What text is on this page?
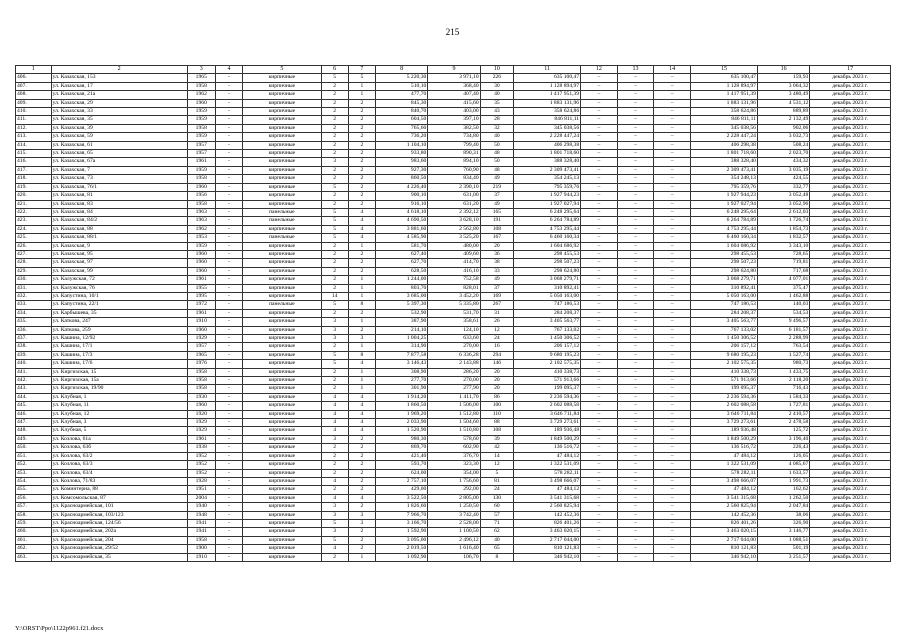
215
1	2	3	4	5	6	7	8	9	10	11	12	13	14	15	16	17
406.	ул. Казахская, 153	1965	-	кирпичные	5	5	5 220,30	3 971,10	226	635 100,47	–	–	–	635 100,47	159,93	декабрь 2023 г.
407.	ул. Казахская, 17	1958	-	кирпичные	2	1	510,10	368,40	30	1 128 894,97	–	–	–	1 128 894,97	3 064,32	декабрь 2023 г.
408.	ул. Казахская, 21а	1962	-	кирпичные	2	1	477,70	407,40	40	1 417 951,39	–	–	–	1 417 951,39	3 480,49	декабрь 2023 г.
409.	ул. Казахская, 29	1960	-	кирпичные	2	2	845,30	415,60	35	1 883 131,96	–	–	–	1 883 131,96	4 531,12	декабрь 2023 г.
410.	ул. Казахская, 33	1959	-	кирпичные	2	2	840,70	403,00	43	358 624,86	–	–	–	358 624,86	889,89	декабрь 2023 г.
411.	ул. Казахская, 35	1959	-	кирпичные	2	2	604,50	397,10	28	846 811,11	–	–	–	846 811,11	2 132,49	декабрь 2023 г.
412.	ул. Казахская, 39	1958	-	кирпичные	2	2	765,60	382,50	32	345 038,56	–	–	–	345 038,56	902,06	декабрь 2023 г.
413.	ул. Казахская, 59	1959	-	кирпичные	2	2	736,20	734,80	40	2 228 447,24	–	–	–	2 228 447,24	3 032,73	декабрь 2023 г.
414.	ул. Казахская, 61	1957	-	кирпичные	2	2	1 104,10	799,40	50	406 298,38	–	–	–	406 298,38	508,24	декабрь 2023 г.
415.	ул. Казахская, 65	1957	-	кирпичные	2	2	933,80	890,31	48	1 801 718,60	–	–	–	1 801 718,60	2 023,70	декабрь 2023 г.
416.	ул. Казахская, 67а	1961	-	кирпичные	3	2	983,60	894,10	50	388 328,40	–	–	–	388 328,40	434,32	декабрь 2023 г.
417.	ул. Казахская, 7	1959	-	кирпичные	2	2	927,30	760,90	48	2 309 473,41	–	–	–	2 309 473,41	3 035,19	декабрь 2023 г.
418.	ул. Казахская, 73	1958	-	кирпичные	2	2	860,50	834,40	49	354 245,13	–	–	–	354 248,13	424,55	декабрь 2023 г.
419.	ул. Казахская, 76/1	1960	-	кирпичные	5	2	4 226,40	2 390,10	219	795 359,76	–	–	–	795 359,76	332,77	декабрь 2023 г.
420.	ул. Казахская, 81	1956	-	кирпичные	2	2	900,10	631,00	37	1 927 944,23	–	–	–	1 927 944,23	3 052,48	декабрь 2023 г.
421.	ул. Казахская, 83	1958	-	кирпичные	2	2	916,10	631,20	49	1 927 027,94	–	–	–	1 927 027,94	3 052,96	декабрь 2023 г.
422.	ул. Казахская, 84	1963	-	панельные	5	4	4 618,10	2 392,12	165	6 248 295,64	–	–	–	6 248 295,64	2 612,03	декабрь 2023 г.
423.	ул. Казахская, 84/2	1963	-	панельные	5	4	4 690,50	3 628,10	191	6 264 784,89	–	–	–	6 264 784,89	1 726,74	декабрь 2023 г.
424.	ул. Казахская, 88	1962	-	кирпичные	5	4	3 881,60	2 562,80	108	4 753 295,44	–	–	–	4 753 295,44	1 854,73	декабрь 2023 г.
425.	ул. Казахская, 88/1	1953	-	панельные	5	4	4 585,90	3 525,20	167	6 460 160,34	–	–	–	6 460 160,34	1 832,57	декабрь 2023 г.
426.	ул. Казахская, 9	1959	-	кирпичные	2	1	581,70	480,00	20	1 604 686,92	–	–	–	1 604 686,92	3 343,10	декабрь 2023 г.
427.	ул. Казахская, 95	1960	-	кирпичные	2	2	627,40	409,60	36	298 455,53	–	–	–	298 455,53	728,65	декабрь 2023 г.
428.	ул. Казахская, 97	1960	-	кирпичные	2	2	627,70	414,70	38	298 507,23	–	–	–	298 507,23	719,81	декабрь 2023 г.
429.	ул. Казахская, 99	1960	-	кирпичные	2	2	628,50	416,10	33	298 624,80	–	–	–	298 624,80	717,68	декабрь 2023 г.
430.	ул. Калужская, 72	1961	-	кирпичные	2	1	1 244,00	752,58	49	3 068 279,71	–	–	–	3 068 279,71	4 077,01	декабрь 2023 г.
431.	ул. Калужская, 76	1955	-	кирпичные	2	1	803,70	828,01	37	310 892,41	–	–	–	310 892,41	375,47	декабрь 2023 г.
432.	ул. Капустина, 10/1	1995	-	кирпичные	14	1	3 685,00	3 452,20	169	5 050 163,00	–	–	–	5 050 163,00	1 462,88	декабрь 2023 г.
433.	ул. Капустина, 22/1	1972	-	панельные	5	8	5 397,30	5 335,80	267	747 186,53	–	–	–	747 186,53	140,03	декабрь 2023 г.
434.	ул. Карбышева, 35	1961	-	кирпичные	2	2	532,90	531,70	31	284 208,37	–	–	–	284 208,37	534,53	декабрь 2023 г.
435.	ул. Каткова, 247	1910	-	кирпичные	3	1	387,90	358,61	26	3 405 563,77	–	–	–	3 405 563,77	9 496,57	декабрь 2023 г.
436.	ул. Каткова, 259	1960	-	кирпичные	3	2	214,10	124,10	12	767 133,02	–	–	–	767 133,02	6 181,57	декабрь 2023 г.
437.	ул. Кашина, 12/92	1929	-	кирпичные	3	3	1 004,25	633,60	24	1 450 306,52	–	–	–	1 450 306,52	2 288,99	декабрь 2023 г.
438.	ул. Кашина, 17/1	1957	-	кирпичные	2	1	314,90	270,00	16	206 157,12	–	–	–	206 157,12	763,54	декабрь 2023 г.
439.	ул. Кашина, 17/3	1965	-	кирпичные	5	8	7 877,58	6 336,28	294	9 680 195,23	–	–	–	9 680 195,23	1 527,74	декабрь 2023 г.
440.	ул. Кашина, 17/6	1976	-	кирпичные	5	4	3 146,43	2 143,88	146	2 102 575,35	–	–	–	2 102 575,35	980,73	декабрь 2023 г.
441.	ул. Киргизская, 15	1958	-	кирпичные	2	1	308,90	286,20	20	410 338,73	–	–	–	410 338,73	1 433,75	декабрь 2023 г.
442.	ул. Киргизская, 15а	1958	-	кирпичные	2	1	277,70	270,00	20	571 913,66	–	–	–	571 913,66	2 118,20	декабрь 2023 г.
443.	ул. Киргизская, 19/90	1958	-	кирпичные	2	1	301,90	277,90	20	199 095,37	–	–	–	199 095,37	716,43	декабрь 2023 г.
444.	ул. Клубная, 1	1930	-	кирпичные	4	4	1 914,20	1 411,70	86	2 236 594,36	–	–	–	2 236 594,36	1 584,33	декабрь 2023 г.
445.	ул. Клубная, 11	1960	-	кирпичные	4	4	1 860,50	1 506,00	100	2 602 088,58	–	–	–	2 602 088,58	1 727,81	декабрь 2023 г.
446.	ул. Клубная, 12	1920	-	кирпичные	4	4	1 969,20	1 512,80	110	3 646 711,84	–	–	–	3 646 711,84	2 410,57	декабрь 2023 г.
447.	ул. Клубная, 3	1929	-	кирпичные	4	4	2 033,90	1 504,60	88	3 729 273,61	–	–	–	3 729 273,61	2 478,58	декабрь 2023 г.
448.	ул. Клубная, 5	1929	-	кирпичные	4	4	1 520,90	1 510,80	108	189 936,48	–	–	–	189 936,48	125,72	декабрь 2023 г.
449.	ул. Козлова, 61а	1961	-	кирпичные	3	2	980,30	578,60	39	1 849 500,29	–	–	–	1 849 500,29	3 196,40	декабрь 2023 г.
450.	ул. Козлова, 63б	1938	-	кирпичные	2	2	869,70	602,90	42	136 516,72	–	–	–	136 516,72	226,43	декабрь 2023 г.
451.	ул. Козлова, 63/2	1952	-	кирпичные	2	2	421,40	376,70	14	47 484,12	–	–	–	47 484,12	126,05	декабрь 2023 г.
452.	ул. Козлова, 63/3	1952	-	кирпичные	2	2	593,70	323,30	12	1 322 531,09	–	–	–	1 322 531,09	4 085,67	декабрь 2023 г.
453.	ул. Козлова, 63/4	1952	-	кирпичные	2	2	624,00	354,00	5	578 282,11	–	–	–	578 282,11	1 633,57	декабрь 2023 г.
454.	ул. Козлова, 71/83	1928	-	кирпичные	4	2	2 757,10	1 756,60	81	3 498 666,07	–	–	–	3 498 666,07	1 991,73	декабрь 2023 г.
455.	ул. Коминтерна, 88	1951	-	кирпичные	2	2	429,00	292,00	24	47 484,12	–	–	–	47 484,12	162,62	декабрь 2023 г.
456.	ул. Комсомольская, 87	2004	-	кирпичные	4	4	3 522,50	2 805,00	130	3 541 315,68	–	–	–	3 541 315,68	1 262,50	декабрь 2023 г.
457.	ул. Красноармейская, 101	1940	-	кирпичные	3	2	1 826,60	1 250,50	60	2 560 825,94	–	–	–	2 560 825,94	2 047,84	декабрь 2023 г.
458.	ул. Красноармейская, 103/123	1948	-	кирпичные	3	3	7 966,70	3 742,40	57	142 452,36	–	–	–	142 452,36	38,06	декабрь 2023 г.
459.	ул. Красноармейская, 124/56	1941	-	кирпичные	5	3	3 166,70	2 528,00	71	826 401,26	–	–	–	826 401,26	326,90	декабрь 2023 г.
460.	ул. Красноармейская, 202а	1941	-	кирпичные	3	2	1 592,90	1 100,50	62	3 463 020,15	–	–	–	3 463 020,15	3 146,77	декабрь 2023 г.
461.	ул. Красноармейская, 204	1958	-	кирпичные	5	2	3 095,00	2 496,12	40	2 717 044,00	–	–	–	2 717 044,00	1 088,51	декабрь 2023 г.
462.	ул. Красноармейская, 29/52	1900	-	кирпичные	4	2	2 019,50	1 616,40	65	810 121,83	–	–	–	810 121,83	501,19	декабрь 2023 г.
463.	ул. Красноармейская, 35	1910	-	кирпичные	2	1	1 092,90	106,70	8	346 942,10	–	–	–	346 942,10	3 251,57	декабрь 2023 г.
Y:\ORST\Ppo\1122p961.f21.docx
